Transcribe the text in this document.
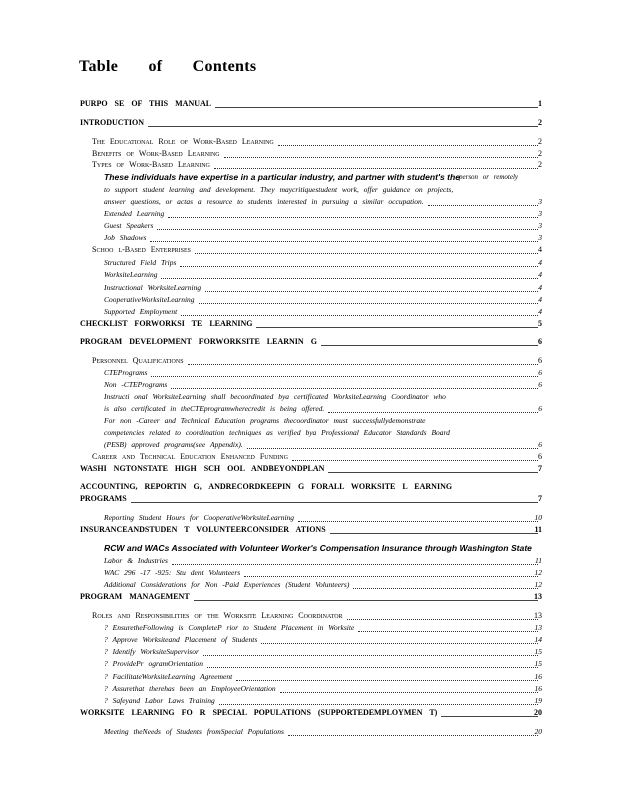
Table of Contents
PURPO SE OF THIS MANUAL	1
INTRODUCTION	2
The Educational Role of Work-Based Learning	2
Benefits of Work-Based Learning	2
Types of Work-Based Learning	2
These individuals have expertise in a particular industry, and partner with student's the
person or remotely
to support student learning and development. They maycritiquestudent work, offer guidance on projects,
answer questions, or actas a resource to students interested in pursuing a similar occupation.	3
Extended Learning	3
Guest Speakers	3
Job Shadows	3
Schoo l-Based Enterprises	4
Structured Field Trips	4
WorksiteLearning	4
Instructional WorksiteLearning	4
CooperativeWorksiteLearning	4
Supported Employment	4
CHECKLIST FORWORKSI TE LEARNING	5
PROGRAM DEVELOPMENT FORWORKSITE LEARNIN G	6
Personnel Qualifications	6
CTEPrograms	6
Non -CTEPrograms	6
Instructi onal WorksiteLearning shall becoordinated bya certificated WorksiteLearning Coordinator who
is also certificated in theCTEprogramwherecredit is being offered.	6
For non -Career and Technical Education programs thecoordinator must successfullydemonstrate
competencies related to coordination techniques as verified bya Professional Educator Standards Board
(PESB) approved programs(see Appendix).	6
Career and Technical Education Enhanced Funding	6
WASHI NGTONSTATE HIGH SCH OOL ANDBEYONDPLAN	7
ACCOUNTING, REPORTIN G, ANDRECORDKEEPIN G FORALL WORKSITE L EARNING
PROGRAMS	7
Reporting Student Hours for CooperativeWorksiteLearning	10
INSURANCEANDSTUDEN T VOLUNTEERCONSIDER ATIONS	11
RCW and WACs Associated with Volunteer Worker's Compensation Insurance through Washington State
Labor & Industries	11
WAC 296 -17 -925: Stu dent Volunteers	12
Additional Considerations for Non -Paid Experiences (Student Volunteers)	12
PROGRAM MANAGEMENT	13
Roles and Responsibilities of the Worksite Learning Coordinator	13
? EnsuretheFollowing is CompleteP rior to Student Placement in Worksite	13
? Approve Worksiteand Placement of Students	14
? Identify WorksiteSupervisor	15
? ProvidePr ogramOrientation	15
? FacilitateWorksiteLearning Agreement	16
? Assurethat therehas been an EmployeeOrientation	16
? Safeyand Labor Laws Training	19
WORKSITE LEARNING FO R SPECIAL POPULATIONS (SUPPORTEDEMPLOYMEN T)	20
Meeting theNeeds of Students fromSpecial Populations	20
